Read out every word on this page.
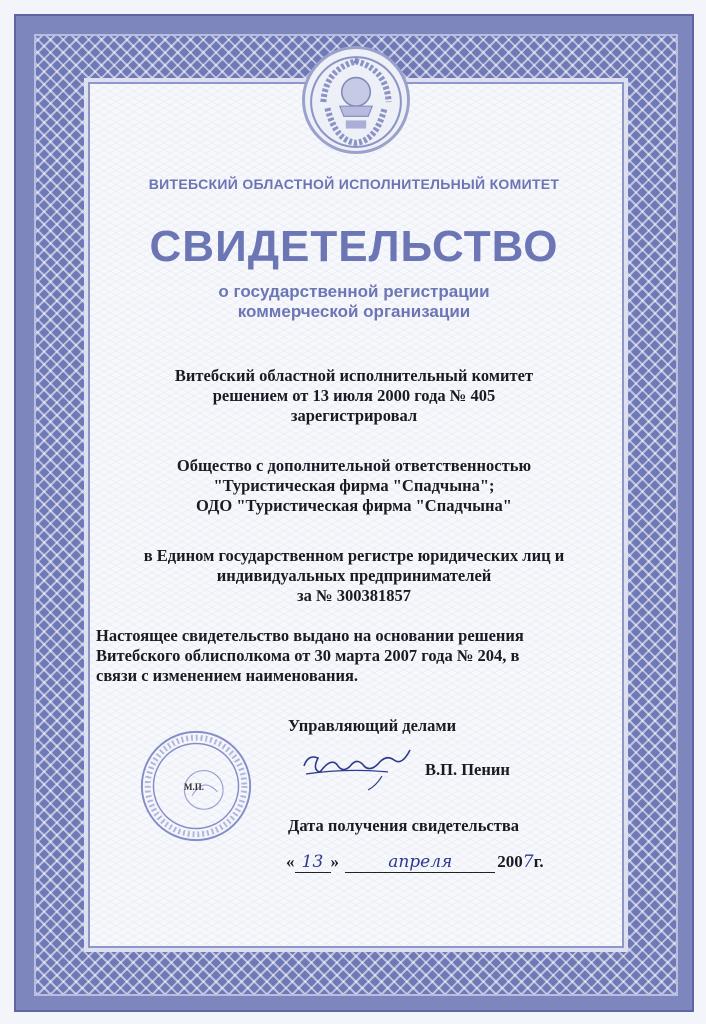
ВИТЕБСКИЙ ОБЛАСТНОЙ ИСПОЛНИТЕЛЬНЫЙ КОМИТЕТ
СВИДЕТЕЛЬСТВО
о государственной регистрации
коммерческой организации
Витебский областной исполнительный комитет
решением от 13 июля 2000 года № 405
зарегистрировал
Общество с дополнительной ответственностью
"Туристическая фирма "Спадчына";
ОДО "Туристическая фирма "Спадчына"
в Едином государственном регистре юридических лиц и
индивидуальных предпринимателей
за № 300381857
Настоящее свидетельство выдано на основании решения
Витебского облисполкома от 30 марта 2007 года № 204, в
связи с изменением наименования.
М.П.
Управляющий делами
В.П. Пенин
Дата получения свидетельства
« 13 »	апреля	2007г.
